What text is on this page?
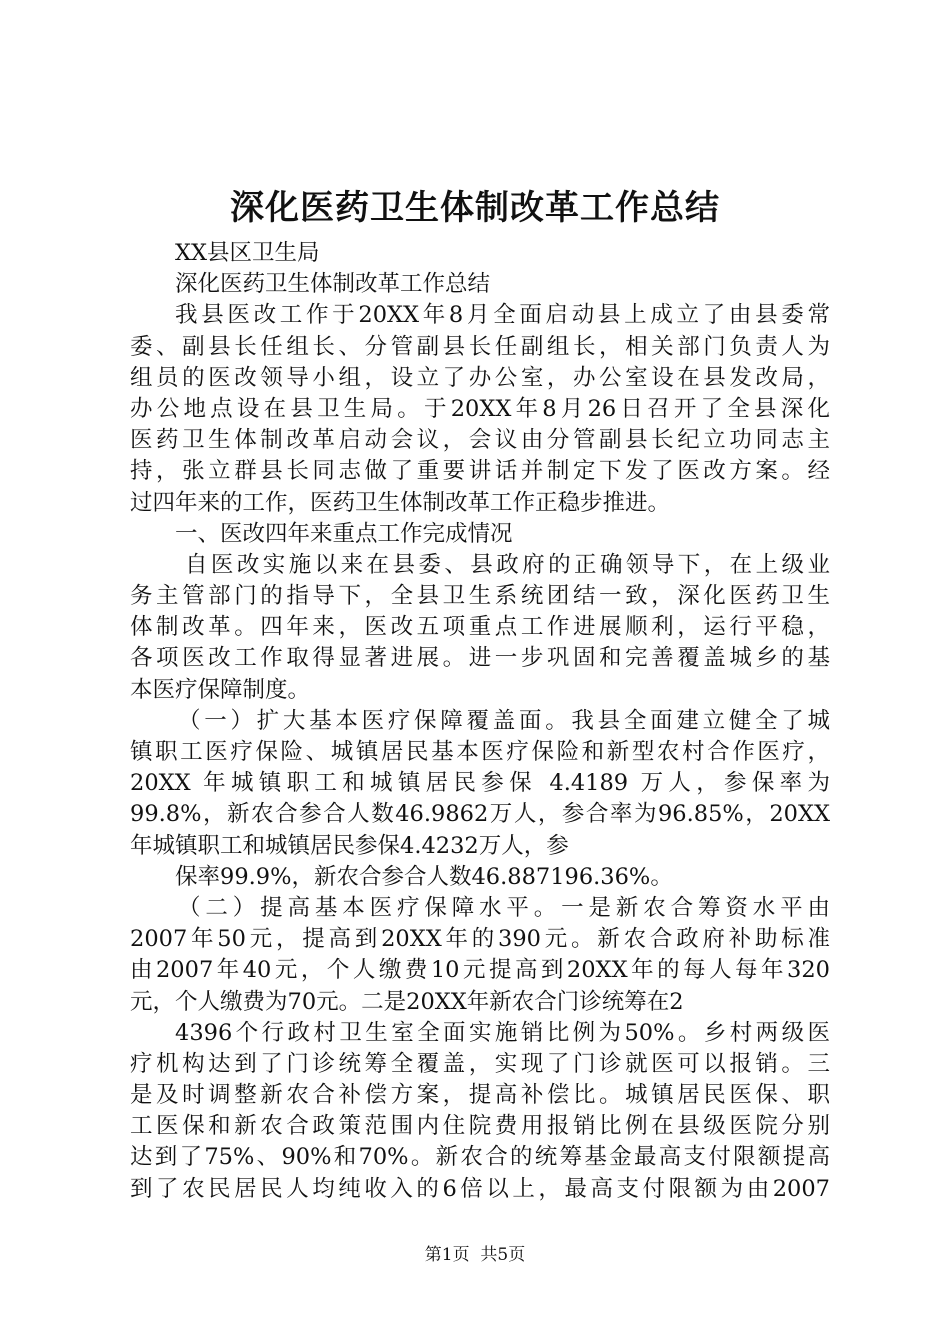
深化医药卫生体制改革工作总结
XX县区卫生局
深化医药卫生体制改革工作总结
我县医改工作于20XX年8月全面启动县上成立了由县委常
委、副县长任组长、分管副县长任副组长，相关部门负责人为
组员的医改领导小组，设立了办公室，办公室设在县发改局，
办公地点设在县卫生局。于20XX年8月26日召开了全县深化
医药卫生体制改革启动会议，会议由分管副县长纪立功同志主
持，张立群县长同志做了重要讲话并制定下发了医改方案。经
过四年来的工作，医药卫生体制改革工作正稳步推进。
一、医改四年来重点工作完成情况
自医改实施以来在县委、县政府的正确领导下，在上级业
务主管部门的指导下，全县卫生系统团结一致，深化医药卫生
体制改革。四年来，医改五项重点工作进展顺利，运行平稳，
各项医改工作取得显著进展。进一步巩固和完善覆盖城乡的基
本医疗保障制度。
（一）扩大基本医疗保障覆盖面。我县全面建立健全了城
镇职工医疗保险、城镇居民基本医疗保险和新型农村合作医疗，
20XX 年城镇职工和城镇居民参保 4.4189 万人，参保率为
99.8%，新农合参合人数46.9862万人，参合率为96.85%，20XX
年城镇职工和城镇居民参保4.4232万人，参
保率99.9%，新农合参合人数46.887196.36%。
（二）提高基本医疗保障水平。一是新农合筹资水平由
2007年50元，提高到20XX年的390元。新农合政府补助标准
由2007年40元，个人缴费10元提高到20XX年的每人每年320
元，个人缴费为70元。二是20XX年新农合门诊统筹在2
4396个行政村卫生室全面实施销比例为50%。乡村两级医
疗机构达到了门诊统筹全覆盖，实现了门诊就医可以报销。三
是及时调整新农合补偿方案，提高补偿比。城镇居民医保、职
工医保和新农合政策范围内住院费用报销比例在县级医院分别
达到了75%、90%和70%。新农合的统筹基金最高支付限额提高
到了农民居民人均纯收入的6倍以上，最高支付限额为由2007
第1页  共5页
